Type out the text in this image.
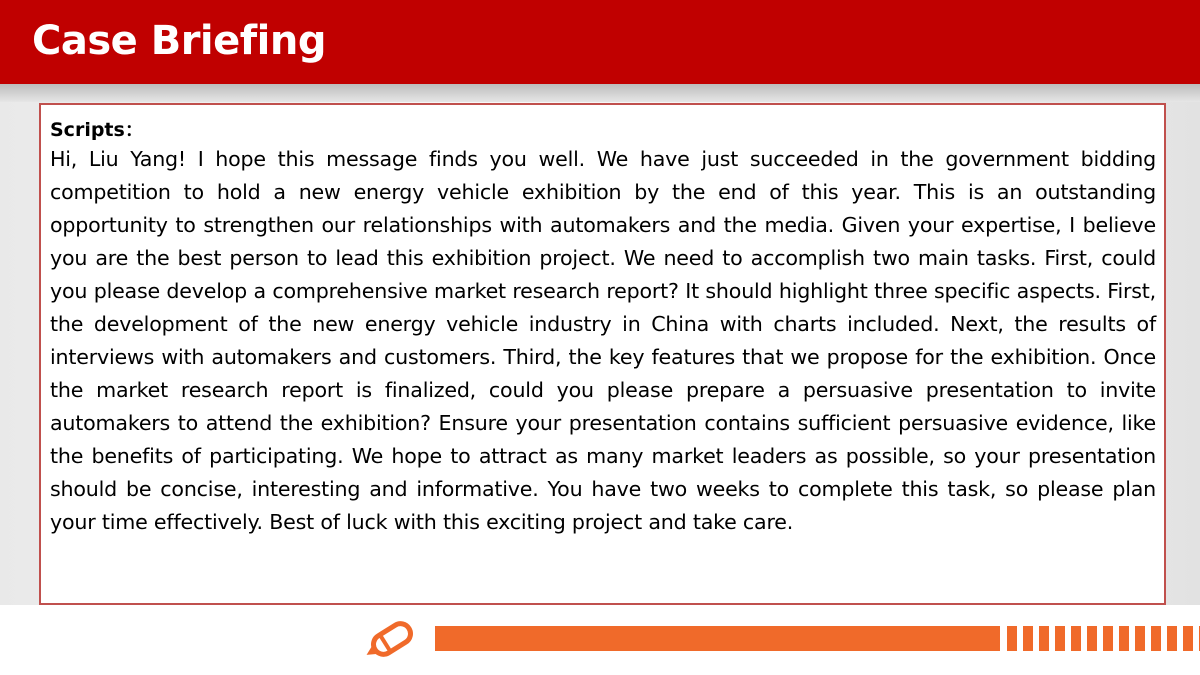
Case Briefing

Scripts：

Hi, Liu Yang! I hope this message finds you well. We have just succeeded in the government bidding competition to hold a new energy vehicle exhibition by the end of this year. This is an outstanding opportunity to strengthen our relationships with automakers and the media. Given your expertise, I believe you are the best person to lead this exhibition project. We need to accomplish two main tasks. First, could you please develop a comprehensive market research report? It should highlight three specific aspects. First, the development of the new energy vehicle industry in China with charts included. Next, the results of interviews with automakers and customers. Third, the key features that we propose for the exhibition. Once the market research report is finalized, could you please prepare a persuasive presentation to invite automakers to attend the exhibition? Ensure your presentation contains sufficient persuasive evidence, like the benefits of participating. We hope to attract as many market leaders as possible, so your presentation should be concise, interesting and informative. You have two weeks to complete this task, so please plan your time effectively. Best of luck with this exciting project and take care.
